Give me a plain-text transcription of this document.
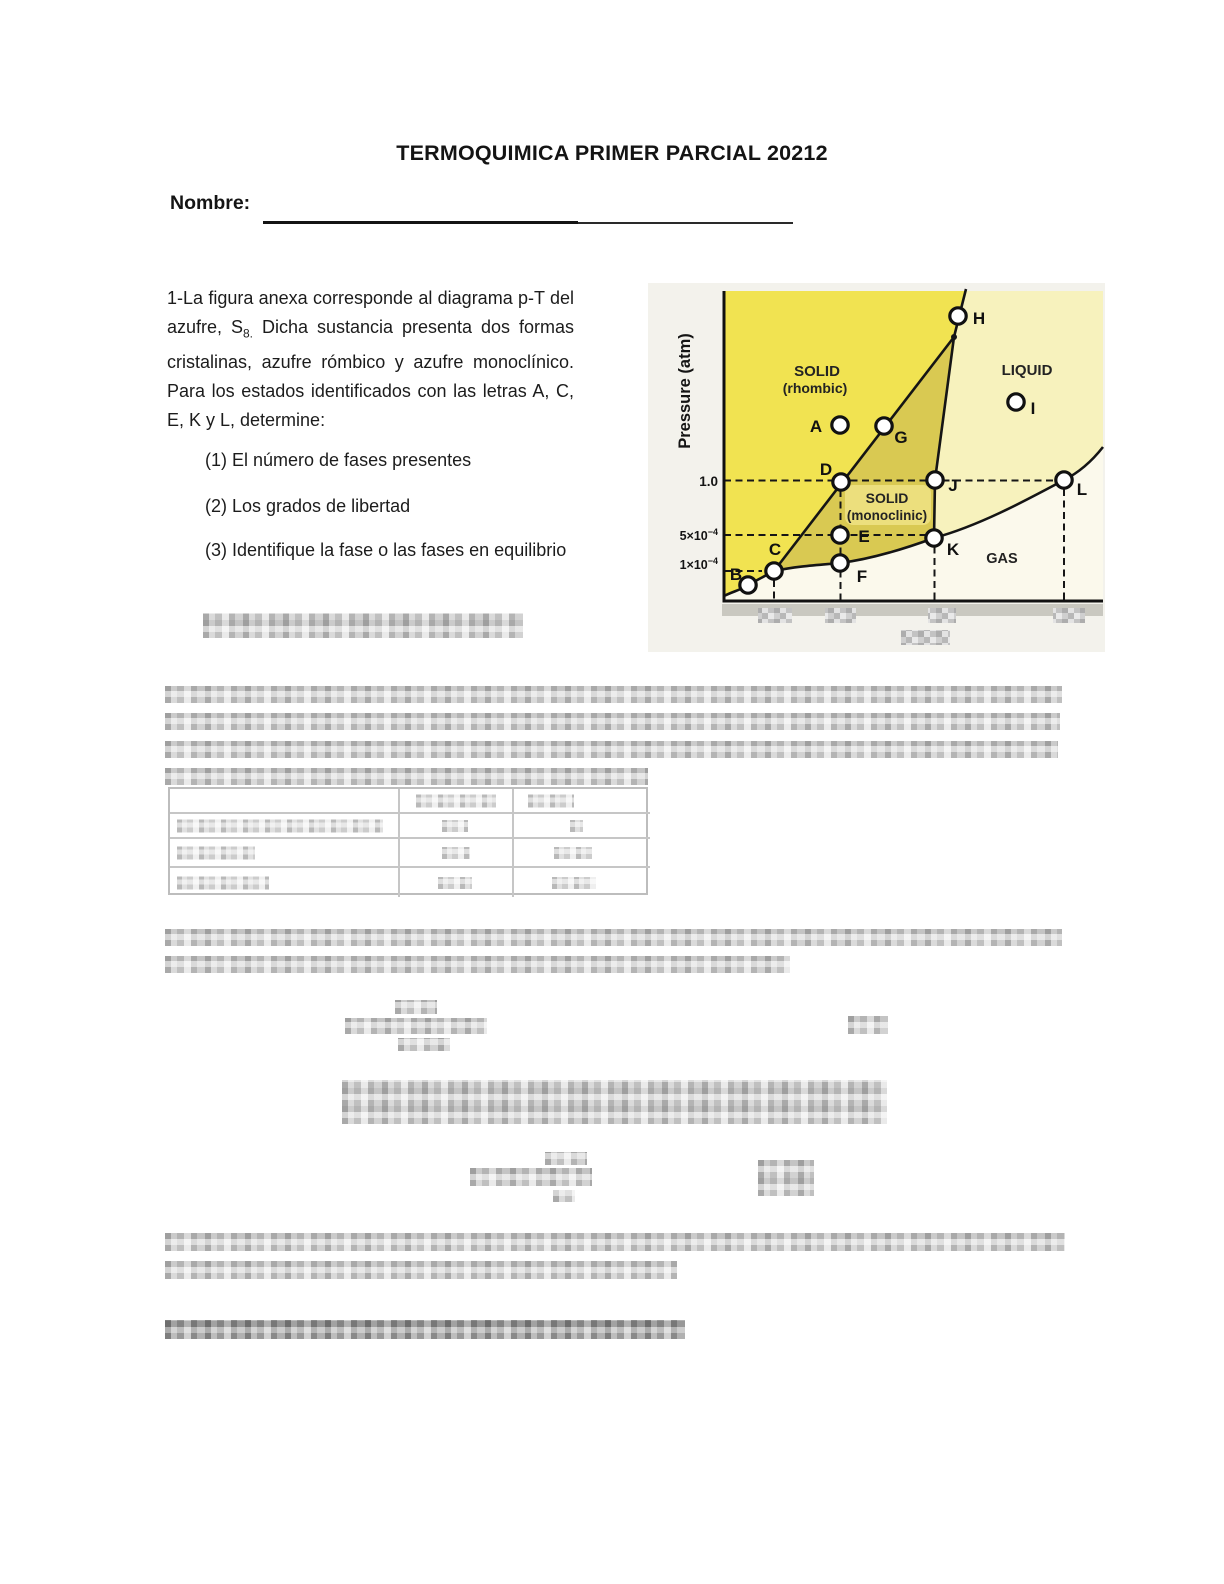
TERMOQUIMICA PRIMER PARCIAL 20212
Nombre:
1-La figura anexa corresponde al diagrama p-T del azufre, $S_{8.}$ Dicha sustancia presenta dos formas cristalinas, azufre rómbico y azufre monoclínico. Para los estados identificados con las letras A, C, E, K y L, determine:
(1) El número de fases presentes
(2) Los grados de libertad
(3) Identifique la fase o las fases en equilibrio
Pressure (atm)
1.0
$5\times 10^{-4}$
$1\times 10^{-4}$
SOLID
(rhombic)
LIQUID
SOLID
(monoclinic)
GAS
A
B
C
D
E
F
G
H
I
J
K
L
